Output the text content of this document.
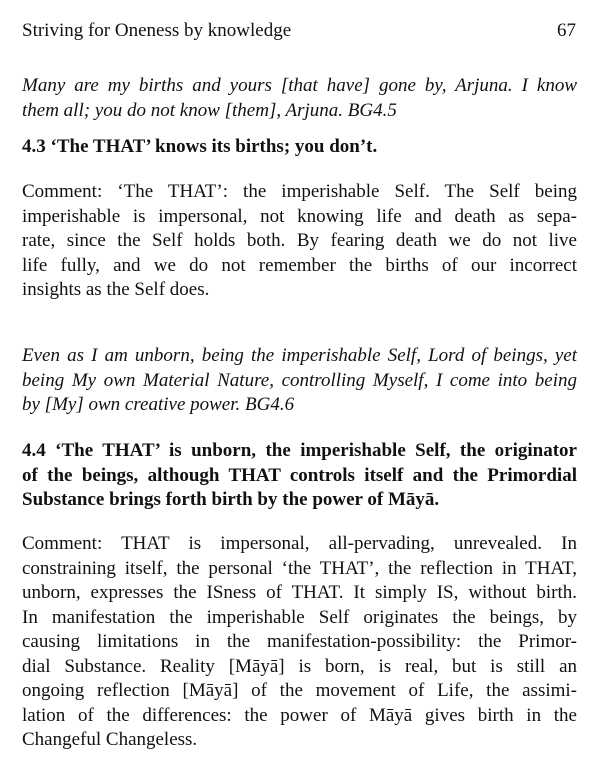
Striving for Oneness by knowledge	67
Many are my births and yours [that have] gone by, Arjuna. I know
them all; you do not know [them], Arjuna. BG4.5
4.3 ‘The THAT’ knows its births; you don’t.
Comment: ‘The THAT’: the imperishable Self. The Self being
imperishable is impersonal, not knowing life and death as sepa-
rate, since the Self holds both. By fearing death we do not live
life fully, and we do not remember the births of our incorrect
insights as the Self does.
Even as I am unborn, being the imperishable Self, Lord of beings, yet
being My own Material Nature, controlling Myself, I come into being
by [My] own creative power. BG4.6
4.4 ‘The THAT’ is unborn, the imperishable Self, the originator
of the beings, although THAT controls itself and the Primordial
Substance brings forth birth by the power of Māyā.
Comment: THAT is impersonal, all-pervading, unrevealed. In
constraining itself, the personal ‘the THAT’, the reflection in THAT,
unborn, expresses the ISness of THAT. It simply IS, without birth.
In manifestation the imperishable Self originates the beings, by
causing limitations in the manifestation-possibility: the Primor-
dial Substance. Reality [Māyā] is born, is real, but is still an
ongoing reflection [Māyā] of the movement of Life, the assimi-
lation of the differences: the power of Māyā gives birth in the
Changeful Changeless.
